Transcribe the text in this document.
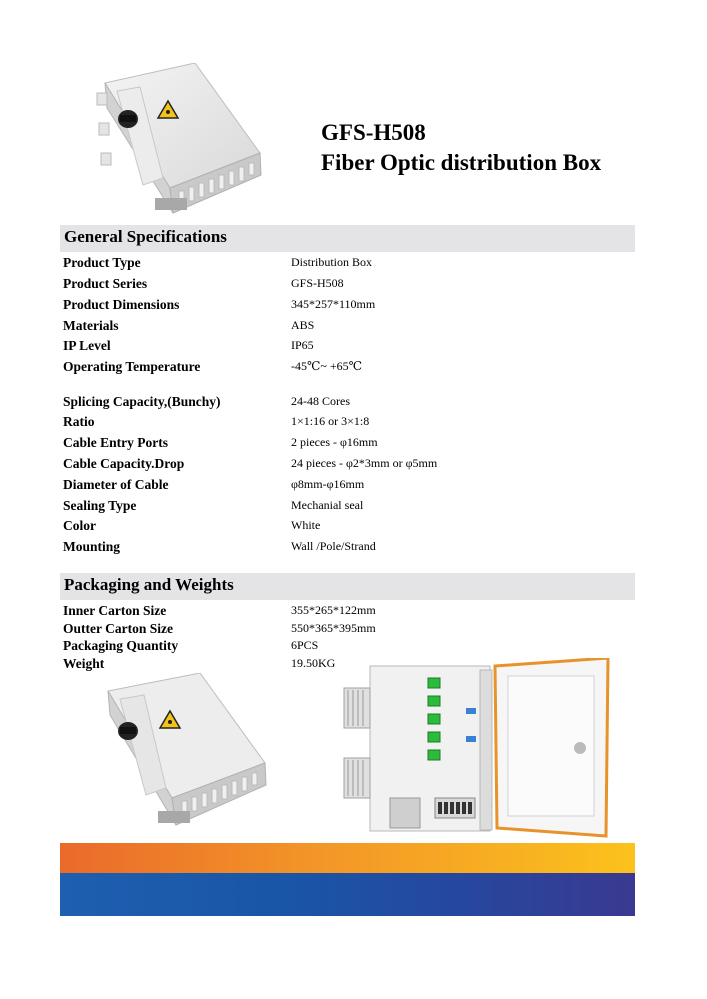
GFS-H508
Fiber Optic distribution Box
General Specifications
Product Type	Distribution Box
Product Series	GFS-H508
Product Dimensions	345*257*110mm
Materials	ABS
IP Level	IP65
Operating Temperature	-45℃~ +65℃
Splicing Capacity,(Bunchy)	24-48 Cores
Ratio	1×1:16 or 3×1:8
Cable Entry Ports	2 pieces - φ16mm
Cable Capacity.Drop	24 pieces - φ2*3mm or φ5mm
Diameter of Cable	φ8mm-φ16mm
Sealing Type	Mechanial seal
Color	White
Mounting	Wall /Pole/Strand
Packaging and Weights
Inner Carton Size	355*265*122mm
Outter Carton Size	550*365*395mm
Packaging Quantity	6PCS
Weight	19.50KG
